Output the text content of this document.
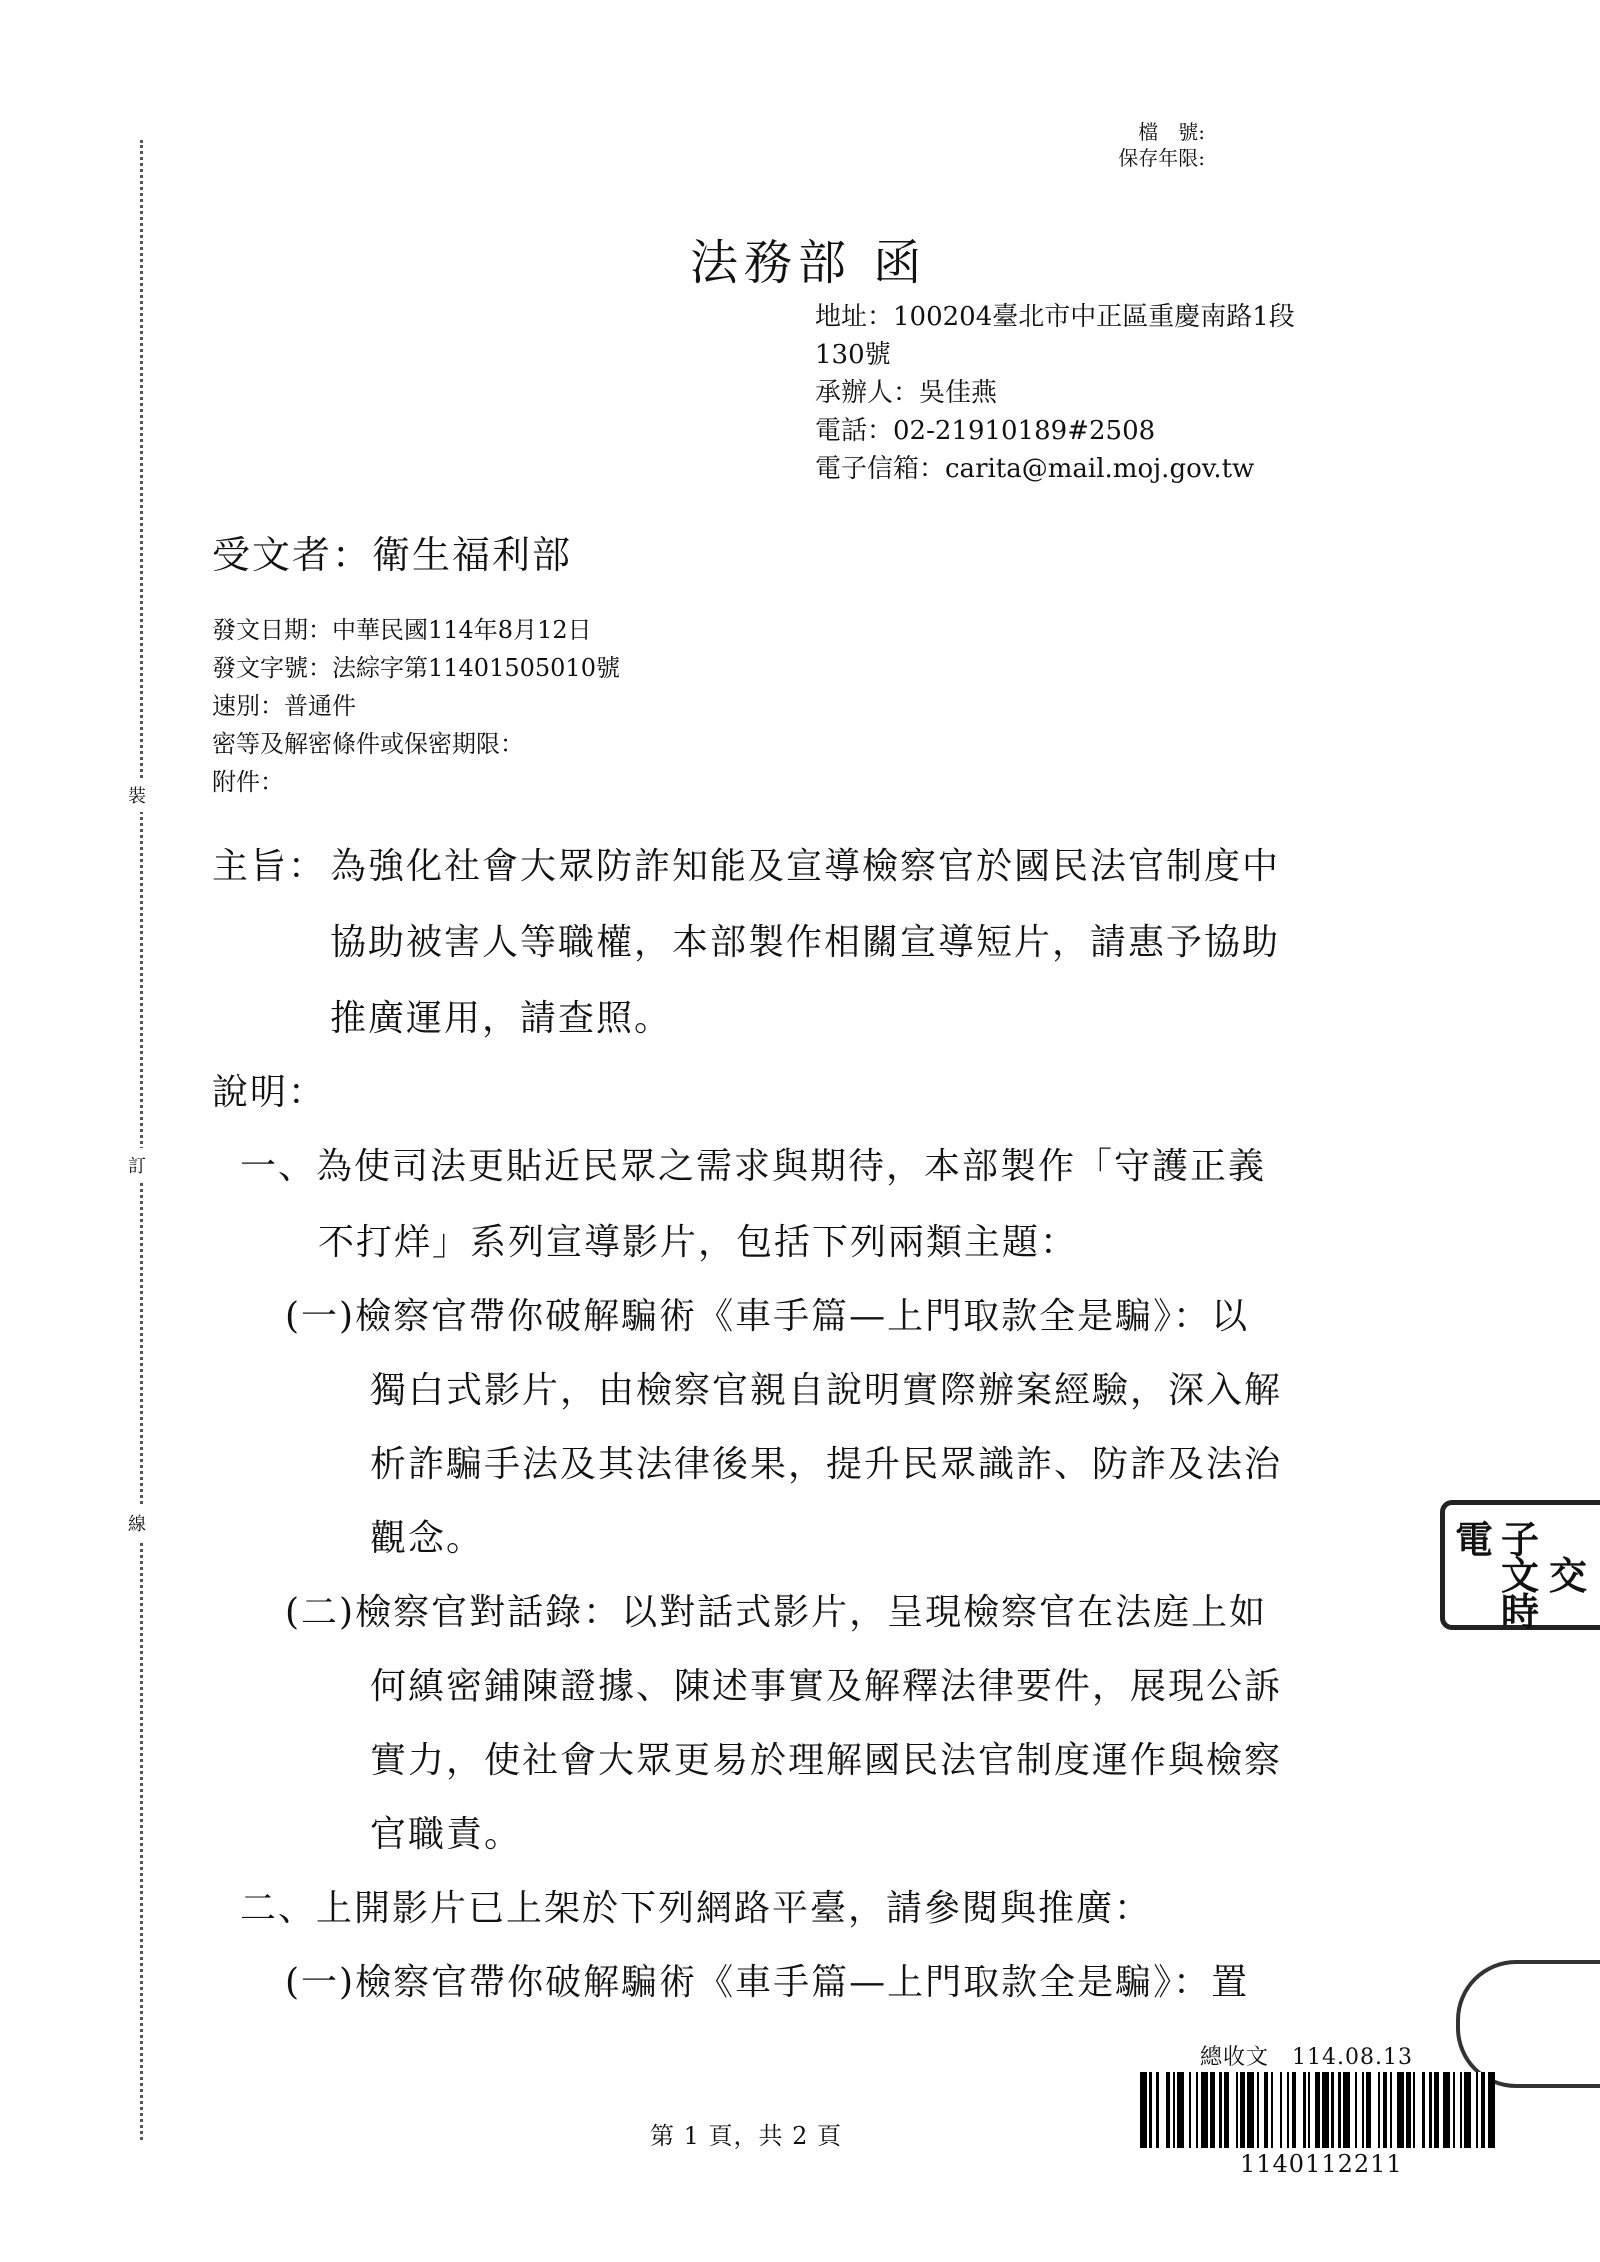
裝
訂
線
檔　號:
保存年限:
法務部 函
地址：100204臺北市中正區重慶南路1段
130號
承辦人：吳佳燕
電話：02-21910189#2508
電子信箱：carita@mail.moj.gov.tw
受文者：衛生福利部
發文日期：中華民國114年8月12日
發文字號：法綜字第11401505010號
速別：普通件
密等及解密條件或保密期限：
附件：
主旨： 為強化社會大眾防詐知能及宣導檢察官於國民法官制度中
協助被害人等職權，本部製作相關宣導短片，請惠予協助
推廣運用，請查照。
說明：
一、為使司法更貼近民眾之需求與期待，本部製作「守護正義
不打烊」系列宣導影片，包括下列兩類主題：
(一)檢察官帶你破解騙術《車手篇—上門取款全是騙》：以
獨白式影片，由檢察官親自說明實際辦案經驗，深入解
析詐騙手法及其法律後果，提升民眾識詐、防詐及法治
觀念。
(二)檢察官對話錄：以對話式影片，呈現檢察官在法庭上如
何縝密鋪陳證據、陳述事實及解釋法律要件，展現公訴
實力，使社會大眾更易於理解國民法官制度運作與檢察
官職責。
二、上開影片已上架於下列網路平臺，請參閱與推廣：
(一)檢察官帶你破解騙術《車手篇—上門取款全是騙》：置
電 子
文 交
時
總收文　114.08.13
1140112211
第 1 頁，共 2 頁
